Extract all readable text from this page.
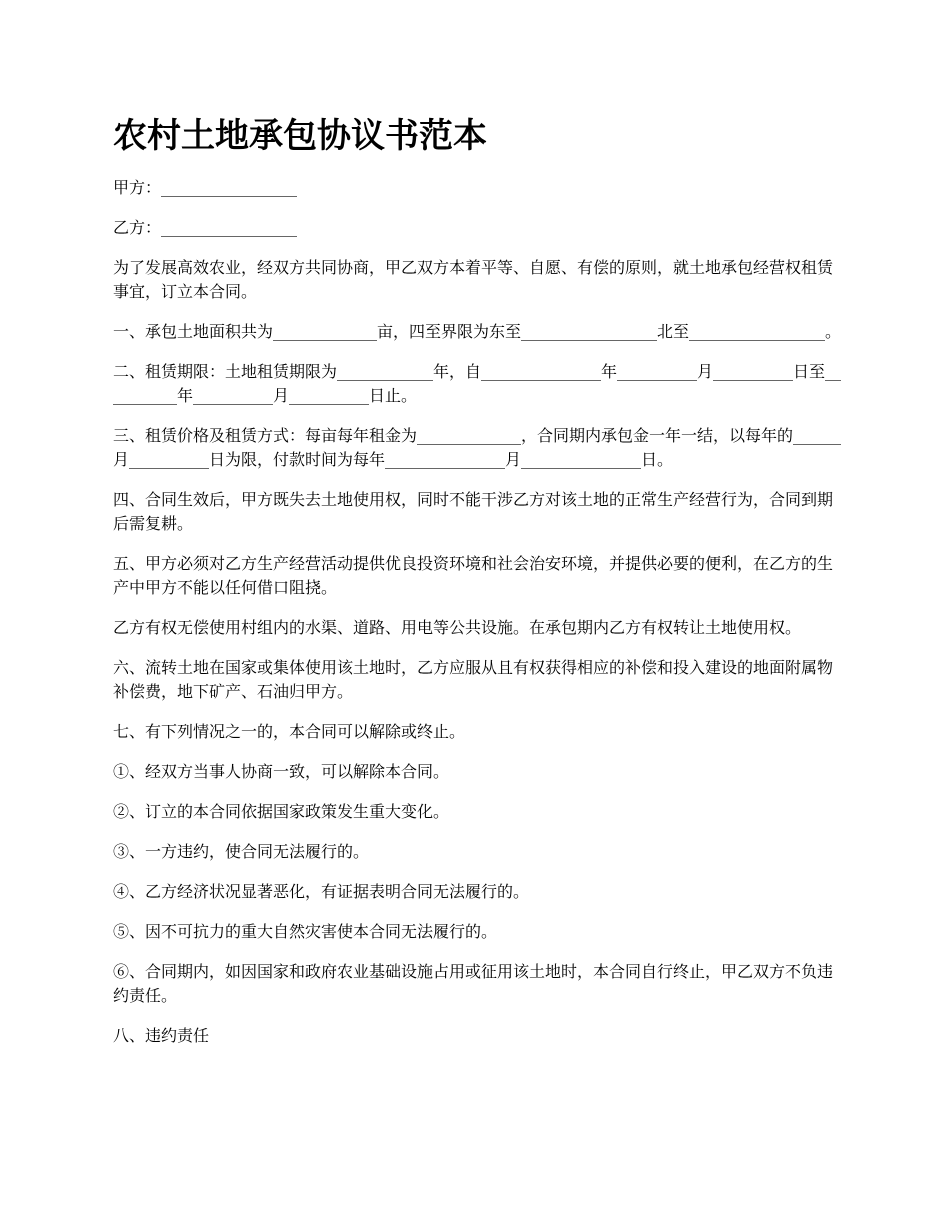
农村土地承包协议书范本

甲方：_________________

乙方：_________________

为了发展高效农业，经双方共同协商，甲乙双方本着平等、自愿、有偿的原则，就土地承包经营权租赁事宜，订立本合同。

一、承包土地面积共为_____________亩，四至界限为东至_________________北至_________________。

二、租赁期限：土地租赁期限为____________年，自_______________年__________月__________日至__________年__________月__________日止。

三、租赁价格及租赁方式：每亩每年租金为_____________，合同期内承包金一年一结，以每年的______月__________日为限，付款时间为每年_______________月_______________日。

四、合同生效后，甲方既失去土地使用权，同时不能干涉乙方对该土地的正常生产经营行为，合同到期后需复耕。

五、甲方必须对乙方生产经营活动提供优良投资环境和社会治安环境，并提供必要的便利，在乙方的生产中甲方不能以任何借口阻挠。

乙方有权无偿使用村组内的水渠、道路、用电等公共设施。在承包期内乙方有权转让土地使用权。

六、流转土地在国家或集体使用该土地时，乙方应服从且有权获得相应的补偿和投入建设的地面附属物补偿费，地下矿产、石油归甲方。

七、有下列情况之一的，本合同可以解除或终止。

①、经双方当事人协商一致，可以解除本合同。

②、订立的本合同依据国家政策发生重大变化。

③、一方违约，使合同无法履行的。

④、乙方经济状况显著恶化，有证据表明合同无法履行的。

⑤、因不可抗力的重大自然灾害使本合同无法履行的。

⑥、合同期内，如因国家和政府农业基础设施占用或征用该土地时，本合同自行终止，甲乙双方不负违约责任。

八、违约责任
